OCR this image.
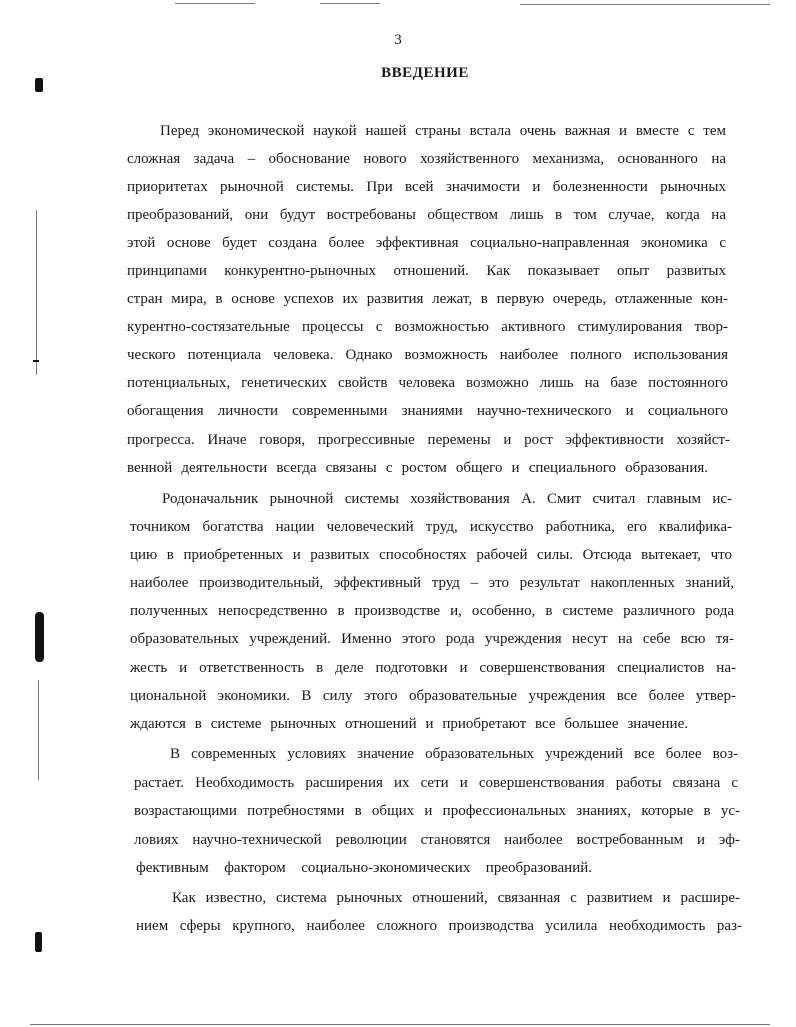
3
ВВЕДЕНИЕ
Перед экономической наукой нашей страны встала очень важная и вместе с тем
сложная задача – обоснование нового хозяйственного механизма, основанного на
приоритетах рыночной системы. При всей значимости и болезненности рыночных
преобразований, они будут востребованы обществом лишь в том случае, когда на
этой основе будет создана более эффективная социально-направленная экономика с
принципами конкурентно-рыночных отношений. Как показывает опыт развитых
стран мира, в основе успехов их развития лежат, в первую очередь, отлаженные кон-
курентно-состязательные процессы с возможностью активного стимулирования твор-
ческого потенциала человека. Однако возможность наиболее полного использования
потенциальных, генетических свойств человека возможно лишь на базе постоянного
обогащения личности современными знаниями научно-технического и социального
прогресса. Иначе говоря, прогрессивные перемены и рост эффективности хозяйст-
венной деятельности всегда связаны с ростом общего и специального образования.
Родоначальник рыночной системы хозяйствования А. Смит считал главным ис-
точником богатства нации человеческий труд, искусство работника, его квалифика-
цию в приобретенных и развитых способностях рабочей силы. Отсюда вытекает, что
наиболее производительный, эффективный труд – это результат накопленных знаний,
полученных непосредственно в производстве и, особенно, в системе различного рода
образовательных учреждений. Именно этого рода учреждения несут на себе всю тя-
жесть и ответственность в деле подготовки и совершенствования специалистов на-
циональной экономики. В силу этого образовательные учреждения все более утвер-
ждаются в системе рыночных отношений и приобретают все большее значение.
В современных условиях значение образовательных учреждений все более воз-
растает. Необходимость расширения их сети и совершенствования работы связана с
возрастающими потребностями в общих и профессиональных знаниях, которые в ус-
ловиях научно-технической революции становятся наиболее востребованным и эф-
фективным фактором социально-экономических преобразований.
Как известно, система рыночных отношений, связанная с развитием и расшире-
нием сферы крупного, наиболее сложного производства усилила необходимость раз-
